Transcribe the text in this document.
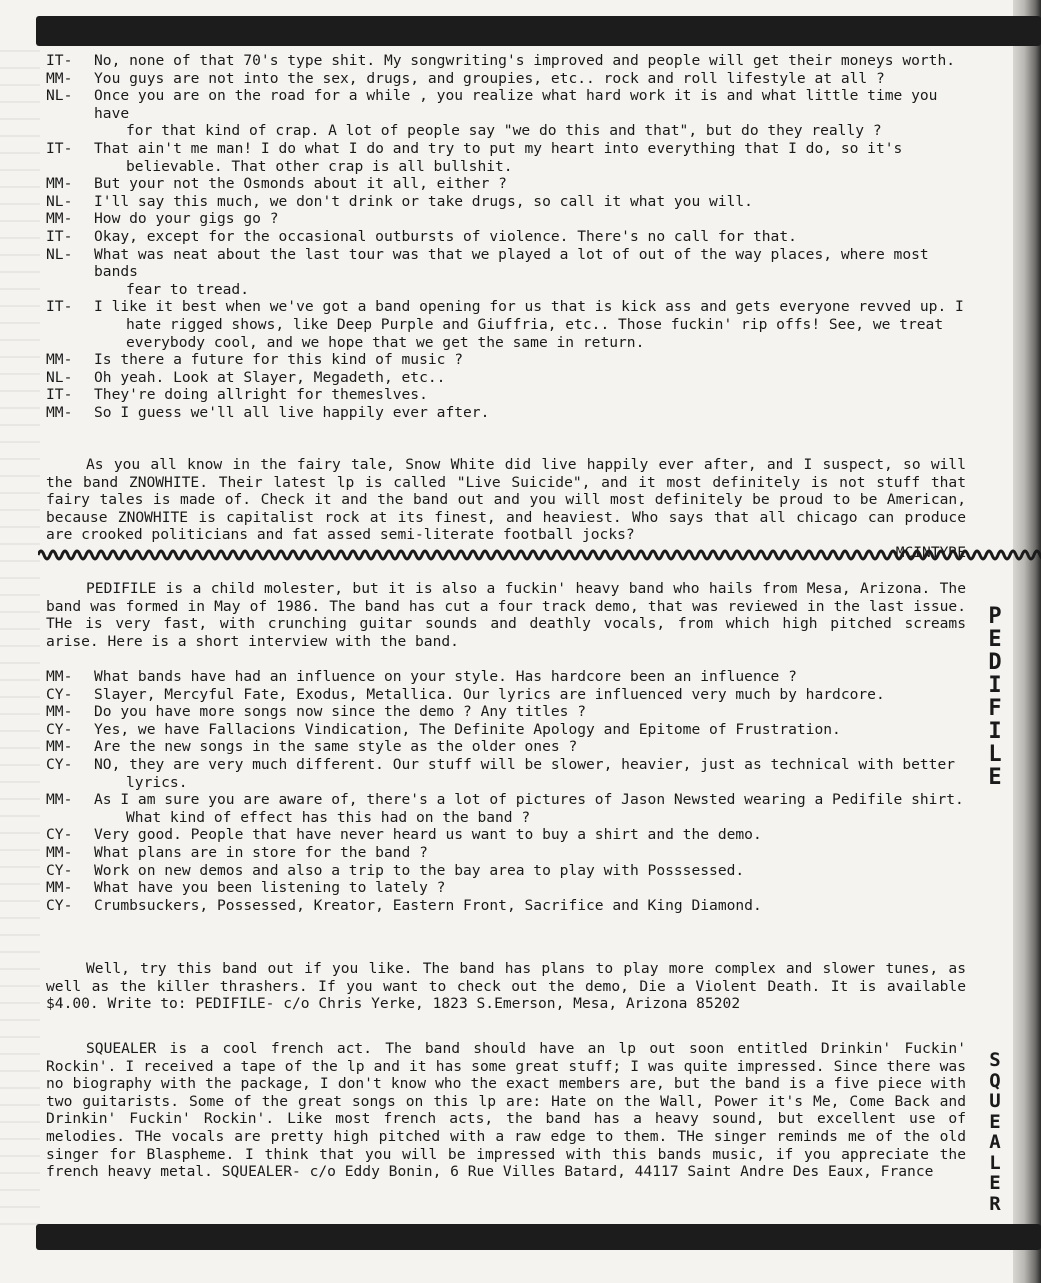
IT-	No, none of that 70's type shit. My songwriting's improved and people will get their moneys worth.
MM-	You guys are not into the sex, drugs, and groupies, etc.. rock and roll lifestyle at all ?
NL-	Once you are on the road for a while , you realize what hard work it is and what little time you have
for that kind of crap. A lot of people say "we do this and that", but do they really ?
IT-	That ain't me man! I do what I do and try to put my heart into everything that I do, so it's
believable. That other crap is all bullshit.
MM-	But your not the Osmonds about it all, either ?
NL-	I'll say this much, we don't drink or take drugs, so call it what you will.
MM-	How do your gigs go ?
IT-	Okay, except for the occasional outbursts of violence. There's no call for that.
NL-	What was neat about the last tour was that we played a lot of out of the way places, where most bands
fear to tread.
IT-	I like it best when we've got a band opening for us that is kick ass and gets everyone revved up. I
hate rigged shows, like Deep Purple and Giuffria, etc.. Those fuckin' rip offs! See, we treat everybody cool, and we hope that we get the same in return.
MM-	Is there a future for this kind of music ?
NL-	Oh yeah. Look at Slayer, Megadeth, etc..
IT-	They're doing allright for themeslves.
MM-	So I guess we'll all live happily ever after.

As you all know in the fairy tale, Snow White did live happily ever after, and I suspect, so will the band ZNOWHITE. Their latest lp is called "Live Suicide", and it most definitely is not stuff that fairy tales is made of. Check it and the band out and you will most definitely be proud to be American, because ZNOWHITE is capitalist rock at its finest, and heaviest. Who says that all chicago can produce are crooked politicians and fat assed semi-literate football jocks?

MCINTYRE

PEDIFILE is a child molester, but it is also a fuckin' heavy band who hails from Mesa, Arizona. The band was formed in May of 1986. The band has cut a four track demo, that was reviewed in the last issue. THe is very fast, with crunching guitar sounds and deathly vocals, from which high pitched screams arise. Here is a short interview with the band.

MM-	What bands have had an influence on your style. Has hardcore been an influence ?
CY-	Slayer, Mercyful Fate, Exodus, Metallica. Our lyrics are influenced very much by hardcore.
MM-	Do you have more songs now since the demo ? Any titles ?
CY-	Yes, we have Fallacions Vindication, The Definite Apology and Epitome of Frustration.
MM-	Are the new songs in the same style as the older ones ?
CY-	NO, they are very much different. Our stuff will be slower, heavier, just as technical with better
lyrics.
MM-	As I am sure you are aware of, there's a lot of pictures of Jason Newsted wearing a Pedifile shirt.
What kind of effect has this had on the band ?
CY-	Very good. People that have never heard us want to buy a shirt and the demo.
MM-	What plans are in store for the band ?
CY-	Work on new demos and also a trip to the bay area to play with Posssessed.
MM-	What have you been listening to lately ?
CY-	Crumbsuckers, Possessed, Kreator, Eastern Front, Sacrifice and King Diamond.

Well, try this band out if you like. The band has plans to play more complex and slower tunes, as well as the killer thrashers. If you want to check out the demo, Die a Violent Death. It is available $4.00. Write to: PEDIFILE- c/o Chris Yerke, 1823 S.Emerson, Mesa, Arizona 85202

SQUEALER is a cool french act. The band should have an lp out soon entitled Drinkin' Fuckin' Rockin'. I received a tape of the lp and it has some great stuff; I was quite impressed. Since there was no biography with the package, I don't know who the exact members are, but the band is a five piece with two guitarists. Some of the great songs on this lp are: Hate on the Wall, Power it's Me, Come Back and Drinkin' Fuckin' Rockin'. Like most french acts, the band has a heavy sound, but excellent use of melodies. THe vocals are pretty high pitched with a raw edge to them. THe singer reminds me of the old singer for Blaspheme. I think that you will be impressed with this bands music, if you appreciate the french heavy metal. SQUEALER- c/o Eddy Bonin, 6 Rue Villes Batard, 44117 Saint Andre Des Eaux, France

P
E
D
I
F
I
L
E
S
Q
U
E
A
L
E
R
